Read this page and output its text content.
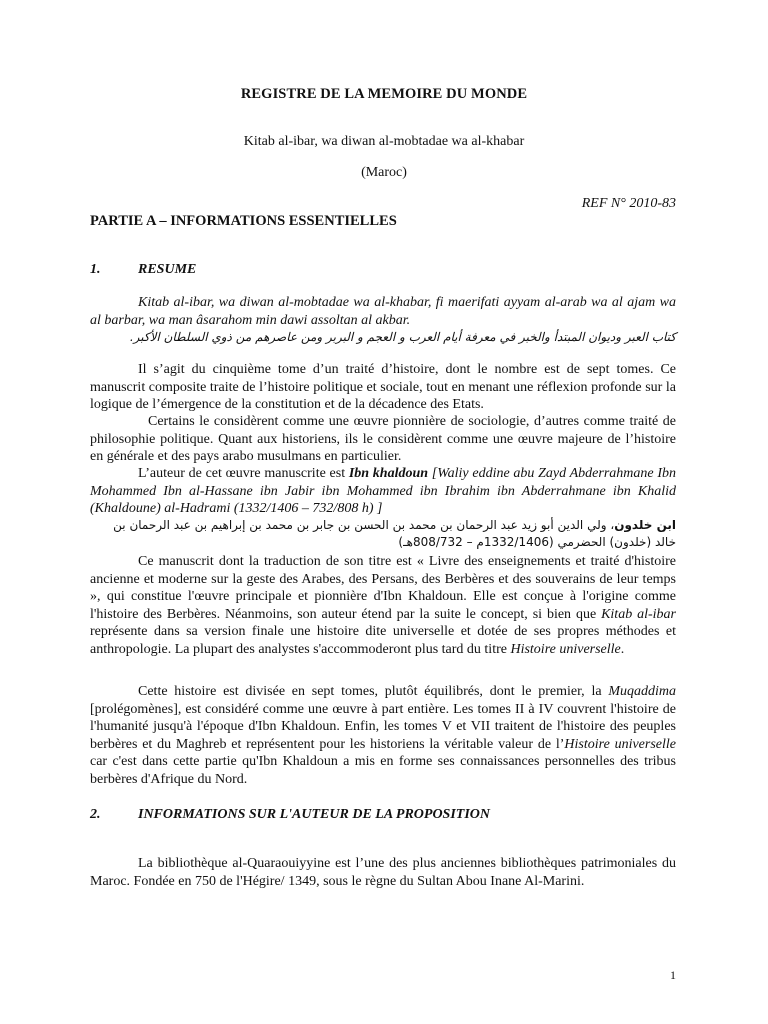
REGISTRE DE LA MEMOIRE DU MONDE
Kitab al-ibar, wa diwan al-mobtadae wa al-khabar
(Maroc)
REF N° 2010-83
PARTIE A – INFORMATIONS ESSENTIELLES
1.	RESUME
Kitab al-ibar, wa diwan al-mobtadae wa al-khabar, fi maerifati ayyam al-arab wa al ajam wa al barbar, wa man âsarahom min dawi assoltan al akbar.
كتاب العبر وديوان المبتدأ والخبر في معرفة أيام العرب و العجم و البربر ومن عاصرهم من ذوي السلطان الأكبر.
Il s’agit du cinquième tome d’un traité d’histoire, dont le nombre est de sept tomes. Ce manuscrit composite traite de l’histoire politique et sociale, tout en menant une réflexion profonde sur la logique de l’émergence de la constitution et de la décadence des Etats.
Certains le considèrent comme une œuvre pionnière de sociologie, d’autres comme traité de philosophie politique. Quant aux historiens, ils le considèrent comme une œuvre majeure de l’histoire en générale et des pays arabo musulmans en particulier.
L’auteur de cet œuvre manuscrite est Ibn khaldoun [Waliy eddine abu Zayd Abderrahmane Ibn Mohammed Ibn al-Hassane ibn Jabir ibn Mohammed ibn Ibrahim ibn Abderrahmane ibn Khalid (Khaldoune) al-Hadrami (1332/1406 – 732/808 h) ]
ابن خلدون، ولي الدين أبو زيد عبد الرحمان بن محمد بن الحسن بن جابر بن محمد بن إبراهيم بن عبد الرحمان بن خالد (خلدون) الحضرمي (1332/1406م – 808/732هـ)
Ce manuscrit dont la traduction de son titre est « Livre des enseignements et traité d'histoire ancienne et moderne sur la geste des Arabes, des Persans, des Berbères et des souverains de leur temps », qui constitue l'œuvre principale et pionnière d'Ibn Khaldoun. Elle est conçue à l'origine comme l'histoire des Berbères. Néanmoins, son auteur étend par la suite le concept, si bien que Kitab al-ibar représente dans sa version finale une histoire dite universelle et dotée de ses propres méthodes et anthropologie. La plupart des analystes s'accommoderont plus tard du titre Histoire universelle.
Cette histoire est divisée en sept tomes, plutôt équilibrés, dont le premier, la Muqaddima [prolégomènes], est considéré comme une œuvre à part entière. Les tomes II à IV couvrent l'histoire de l'humanité jusqu'à l'époque d'Ibn Khaldoun. Enfin, les tomes V et VII traitent de l'histoire des peuples berbères et du Maghreb et représentent pour les historiens la véritable valeur de l’Histoire universelle car c'est dans cette partie qu'Ibn Khaldoun a mis en forme ses connaissances personnelles des tribus berbères d'Afrique du Nord.
2.	INFORMATIONS SUR L'AUTEUR DE LA PROPOSITION
La bibliothèque al-Quaraouiyyine est l’une des plus anciennes bibliothèques patrimoniales du Maroc. Fondée en 750 de l'Hégire/ 1349, sous le règne du Sultan Abou Inane Al-Marini.
1
